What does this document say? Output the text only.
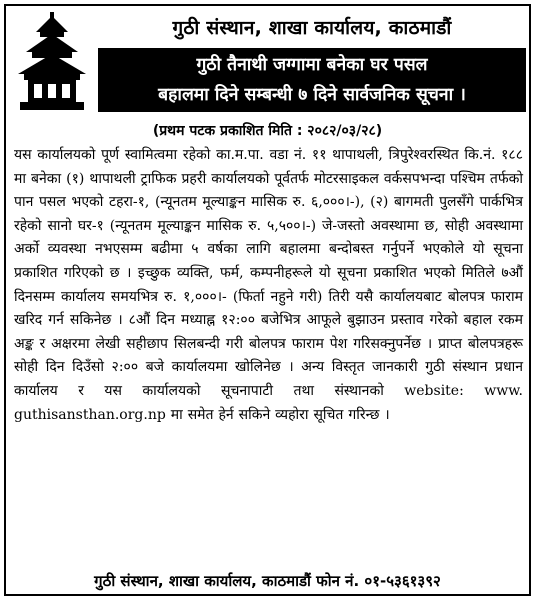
गुठी संस्थान, शाखा कार्यालय, काठमाडौं
गुठी तैनाथी जग्गामा बनेका घर पसल
बहालमा दिने सम्बन्धी ७ दिने सार्वजनिक सूचना ।
(प्रथम पटक प्रकाशित मिति : २०८२/०३/२८)
यस कार्यालयको पूर्ण स्वामित्वमा रहेको का.म.पा. वडा नं. ११ थापाथली, त्रिपुरेश्वरस्थित कि.नं. १८८ मा बनेका (१) थापाथली ट्राफिक प्रहरी कार्यालयको पूर्वतर्फ मोटरसाइकल वर्कसपभन्दा पश्चिम तर्फको पान पसल भएको टहरा-१, (न्यूनतम मूल्याङ्कन मासिक रु. ६,०००।-), (२) बागमती पुलसँगे पार्कभित्र रहेको सानो घर-१ (न्यूनतम मूल्याङ्कन मासिक रु. ५,५००।-) जे-जस्तो अवस्थामा छ, सोही अवस्थामा अर्को व्यवस्था नभएसम्म बढीमा ५ वर्षका लागि बहालमा बन्दोबस्त गर्नुपर्ने भएकोले यो सूचना प्रकाशित गरिएको छ । इच्छुक व्यक्ति, फर्म, कम्पनीहरूले यो सूचना प्रकाशित भएको मितिले ७औं दिनसम्म कार्यालय समयभित्र रु. १,०००।- (फिर्ता नहुने गरी) तिरी यसै कार्यालयबाट बोलपत्र फाराम खरिद गर्न सकिनेछ । ८औं दिन मध्याह्न १२:०० बजेभित्र आफूले बुझाउन प्रस्ताव गरेको बहाल रकम अङ्क र अक्षरमा लेखी सहीछाप सिलबन्दी गरी बोलपत्र फाराम पेश गरिसक्नुपर्नेछ । प्राप्त बोलपत्रहरू सोही दिन दिउँसो २:०० बजे कार्यालयमा खोलिनेछ । अन्य विस्तृत जानकारी गुठी संस्थान प्रधान कार्यालय र यस कार्यालयको सूचनापाटी तथा संस्थानको website: www. guthisansthan.org.np मा समेत हेर्न सकिने व्यहोरा सूचित गरिन्छ ।
गुठी संस्थान, शाखा कार्यालय, काठमाडौं फोन नं. ०१-५३६१३९२
